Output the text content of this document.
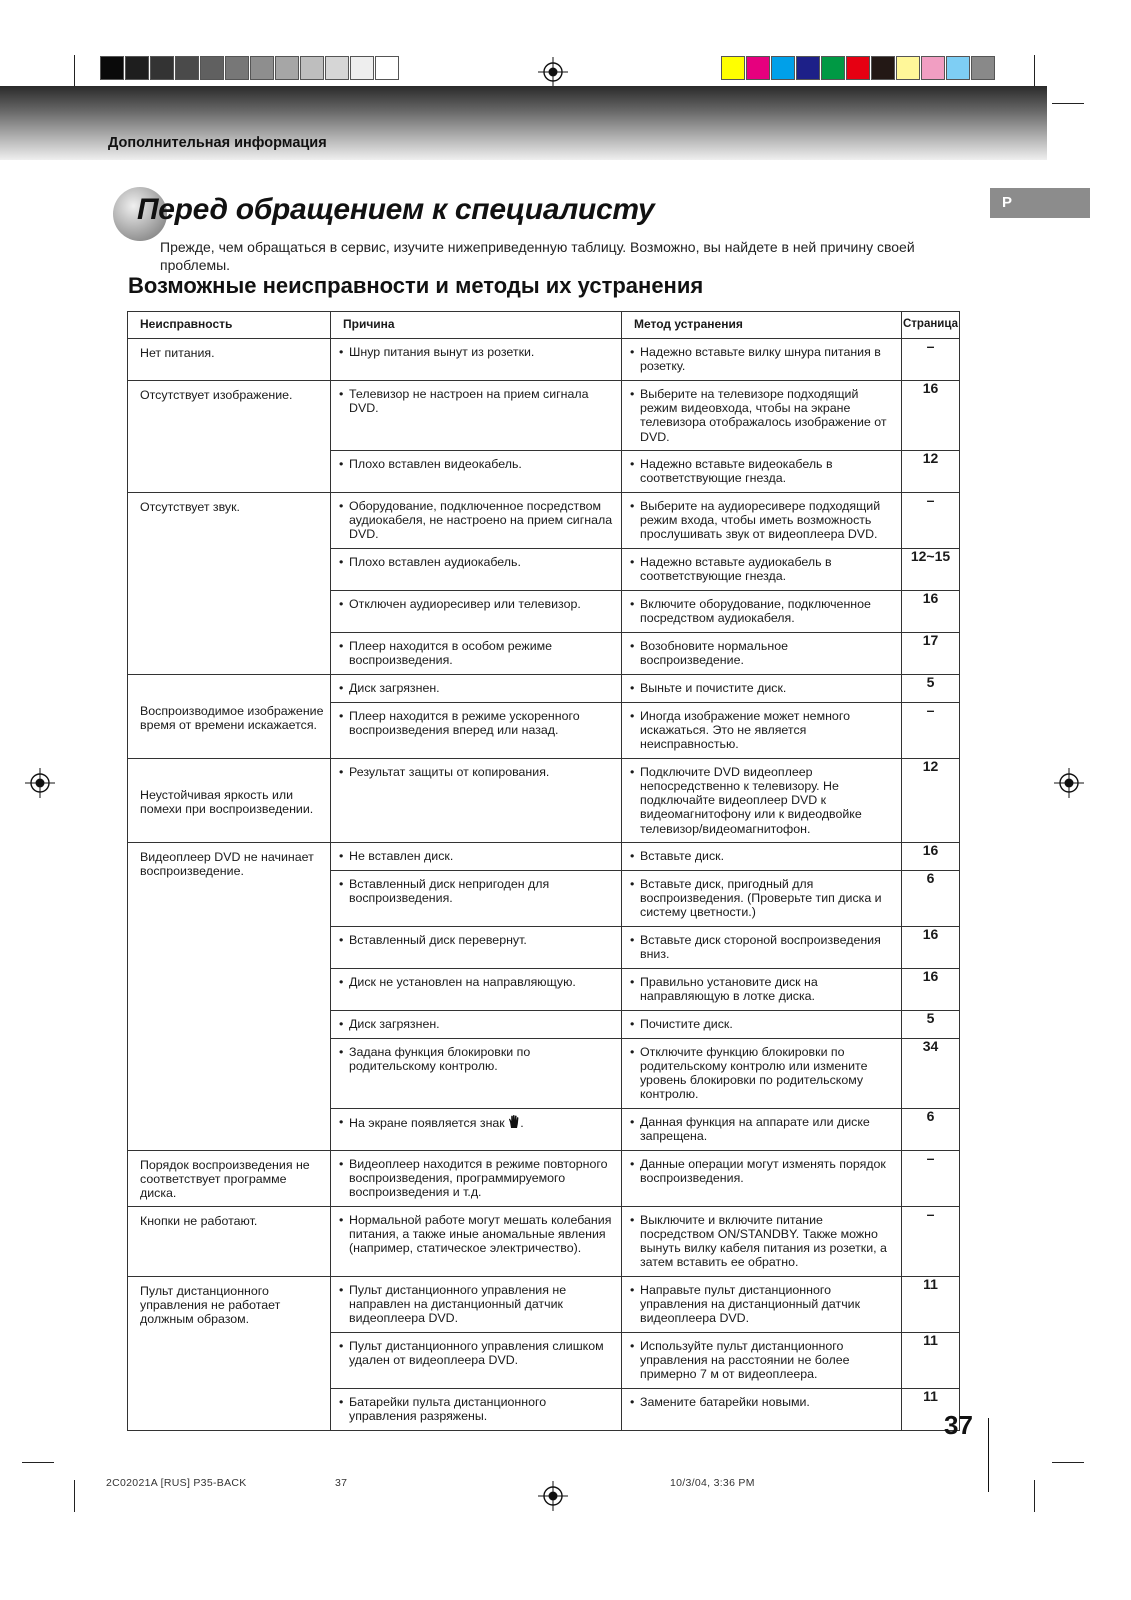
Дополнительная информация
P
Перед обращением к специалисту
Прежде, чем обращаться в сервис, изучите нижеприведенную таблицу. Возможно, вы найдете в ней причину своей проблемы.
Возможные неисправности и методы их устранения
Неисправность	Причина	Метод устранения	Страница
Нет питания.	• Шнур питания вынут из розетки.	• Надежно вставьте вилку шнура питания в розетку.	–
Отсутствует изображение.	• Телевизор не настроен на прием сигнала DVD.	• Выберите на телевизоре подходящий режим видеовхода, чтобы на экране телевизора отображалось изображение от DVD.	16

	• Плохо вставлен видеокабель.	• Надежно вставьте видеокабель в соответствующие гнезда.	12
Отсутствует звук.	• Оборудование, подключенное посредством аудиокабеля, не настроено на прием сигнала DVD.	• Выберите на аудиоресивере подходящий режим входа, чтобы иметь возможность прослушивать звук от видеоплеера DVD.	–

	• Плохо вставлен аудиокабель.	• Надежно вставьте аудиокабель в соответствующие гнезда.	12~15

	• Отключен аудиоресивер или телевизор.	• Включите оборудование, подключенное посредством аудиокабеля.	16

	• Плеер находится в особом режиме воспроизведения.	• Возобновите нормальное воспроизведение.	17
Воспроизводимое изображение время от времени искажается.	• Диск загрязнен.	• Выньте и почистите диск.	5

	• Плеер находится в режиме ускоренного воспроизведения вперед или назад.	• Иногда изображение может немного искажаться. Это не является неисправностью.	–
Неустойчивая яркость или помехи при воспроизведении.	• Результат защиты от копирования.	• Подключите DVD видеоплеер непосредственно к телевизору. Не подключайте видеоплеер DVD к видеомагнитофону или к видеодвойке телевизор/видеомагнитофон.	12
Видеоплеер DVD не начинает воспроизведение.	• Не вставлен диск.	• Вставьте диск.	16

	• Вставленный диск непригоден для воспроизведения.	• Вставьте диск, пригодный для воспроизведения. (Проверьте тип диска и систему цветности.)	6

	• Вставленный диск перевернут.	• Вставьте диск стороной воспроизведения вниз.	16

	• Диск не установлен на направляющую.	• Правильно установите диск на направляющую в лотке диска.	16

	• Диск загрязнен.	• Почистите диск.	5

	• Задана функция блокировки по родительскому контролю.	• Отключите функцию блокировки по родительскому контролю или измените уровень блокировки по родительскому контролю.	34

	• На экране появляется знак .	• Данная функция на аппарате или диске запрещена.	6
Порядок воспроизведения не соответствует программе диска.	• Видеоплеер находится в режиме повторного воспроизведения, программируемого воспроизведения и т.д.	• Данные операции могут изменять порядок воспроизведения.	–
Кнопки не работают.	• Нормальной работе могут мешать колебания питания, а также иные аномальные явления (например, статическое электричество).	• Выключите и включите питание посредством ON/STANDBY. Также можно вынуть вилку кабеля питания из розетки, а затем вставить ее обратно.	–
Пульт дистанционного управления не работает должным образом.	• Пульт дистанционного управления не направлен на дистанционный датчик видеоплеера DVD.	• Направьте пульт дистанционного управления на дистанционный датчик видеоплеера DVD.	11

	• Пульт дистанционного управления слишком удален от видеоплеера DVD.	• Используйте пульт дистанционного управления на расстоянии не более примерно 7 м от видеоплеера.	11

	• Батарейки пульта дистанционного управления разряжены.	• Замените батарейки новыми.	11
37
2C02021A [RUS] P35-BACK	37	10/3/04, 3:36 PM
